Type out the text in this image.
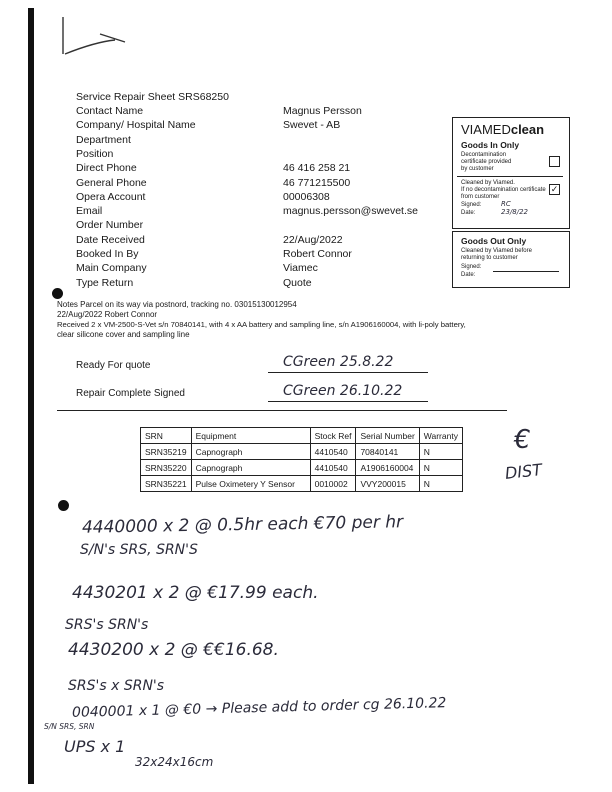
Service Repair Sheet SRS68250
Contact Name	Magnus Persson
Company/ Hospital Name	Swevet - AB
Department
Position
Direct Phone	46 416 258 21
General Phone	46 771215500
Opera Account	00006308
Email	magnus.persson@swevet.se
Order Number
Date Received	22/Aug/2022
Booked In By	Robert Connor
Main Company	Viamec
Type Return	Quote
VIAMEDclean
Goods In Only
Decontamination
certificate provided
by customer
Cleaned by Viamed.
If no decontamination certificate
from customer
✓
Signed:	RC
Date:	23/8/22
Goods Out Only
Cleaned by Viamed before
returning to customer
Signed:
Date:
Notes Parcel on its way via postnord, tracking no. 03015130012954
22/Aug/2022 Robert Connor
Received 2 x VM-2500-S-Vet s/n 70840141, with 4 x AA battery and sampling line, s/n A1906160004, with li-poly battery,
clear silicone cover and sampling line
Ready For quote	CGreen 25.8.22
Repair Complete Signed	CGreen 26.10.22
SRN	Equipment	Stock Ref	Serial Number	Warranty
SRN35219	Capnograph	4410540	70840141	N
SRN35220	Capnograph	4410540	A1906160004	N
SRN35221	Pulse Oximetery Y Sensor	0010002	VVY200015	N
€
DIST
4440000 x 2 @ 0.5hr each €70 per hr
S/N's SRS, SRN'S
4430201 x 2 @ €17.99 each.
SRS's SRN's
4430200 x 2 @ €€16.68.
SRS's x SRN's
0040001 x 1 @ €0 → Please add to order cg 26.10.22
S/N SRS, SRN
UPS x 1
32x24x16cm
